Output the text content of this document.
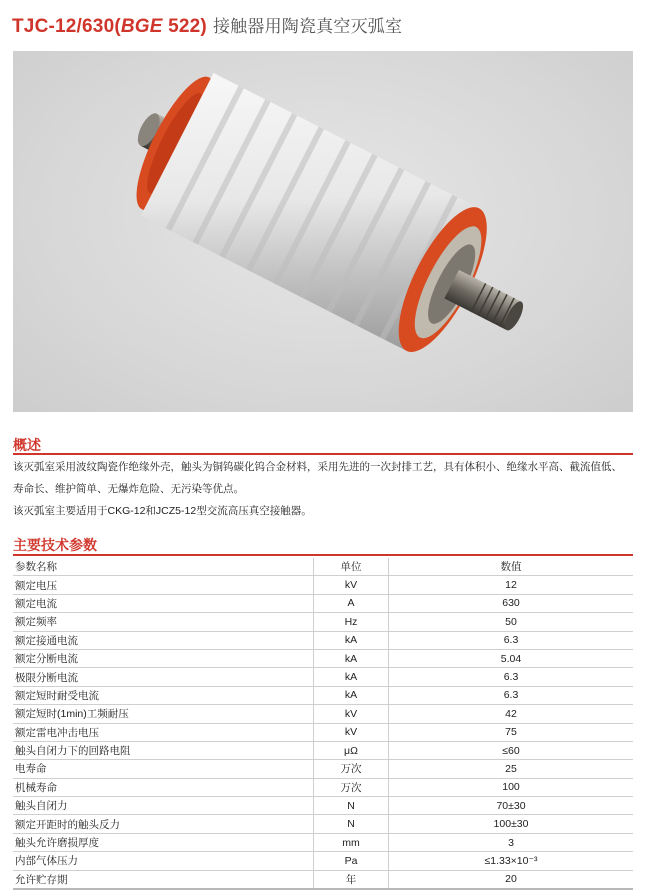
TJC-12/630(BGE 522) 接触器用陶瓷真空灭弧室
概述
该灭弧室采用波纹陶瓷作绝缘外壳，触头为铜钨碳化钨合金材料，采用先进的一次封排工艺，具有体积小、绝缘水平高、截流值低、
寿命长、维护简单、无爆炸危险、无污染等优点。
该灭弧室主要适用于CKG-12和JCZ5-12型交流高压真空接触器。
主要技术参数
参数名称	单位	数值
额定电压	kV	12
额定电流	A	630
额定频率	Hz	50
额定接通电流	kA	6.3
额定分断电流	kA	5.04
极限分断电流	kA	6.3
额定短时耐受电流	kA	6.3
额定短时(1min)工频耐压	kV	42
额定雷电冲击电压	kV	75
触头自闭力下的回路电阻	μΩ	≤60
电寿命	万次	25
机械寿命	万次	100
触头自闭力	N	70±30
额定开距时的触头反力	N	100±30
触头允许磨损厚度	mm	3
内部气体压力	Pa	≤1.33×10⁻³
允许贮存期	年	20
